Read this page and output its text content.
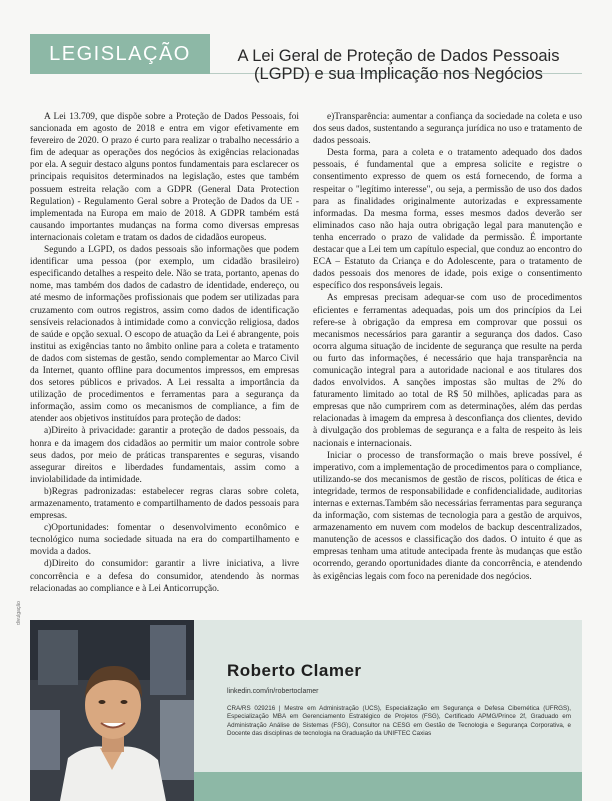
LEGISLAÇÃO	A Lei Geral de Proteção de Dados Pessoais
(LGPD) e sua Implicação nos Negócios

A Lei 13.709, que dispõe sobre a Proteção de Dados Pessoais, foi sancionada em agosto de 2018 e entra em vigor efetivamente em fevereiro de 2020. O prazo é curto para realizar o trabalho necessário a fim de adequar as operações dos negócios às exigências relacionadas por ela. A seguir destaco alguns pontos fundamentais para esclarecer os principais requisitos determinados na legislação, estes que também possuem estreita relação com a GDPR (General Data Protection Regulation) - Regulamento Geral sobre a Proteção de Dados da UE - implementada na Europa em maio de 2018. A GDPR também está causando importantes mudanças na forma como diversas empresas internacionais coletam e tratam os dados de cidadãos europeus.

Segundo a LGPD, os dados pessoais são informações que podem identificar uma pessoa (por exemplo, um cidadão brasileiro) especificando detalhes a respeito dele. Não se trata, portanto, apenas do nome, mas também dos dados de cadastro de identidade, endereço, ou até mesmo de informações profissionais que podem ser utilizadas para cruzamento com outros registros, assim como dados de identificação sensíveis relacionados à intimidade como a convicção religiosa, dados de saúde e opção sexual. O escopo de atuação da Lei é abrangente, pois institui as exigências tanto no âmbito online para a coleta e tratamento de dados com sistemas de gestão, sendo complementar ao Marco Civil da Internet, quanto offline para documentos impressos, em empresas dos setores públicos e privados. A Lei ressalta a importância da utilização de procedimentos e ferramentas para a segurança da informação, assim como os mecanismos de compliance, a fim de atender aos objetivos instituídos para proteção de dados:

a)Direito à privacidade: garantir a proteção de dados pessoais, da honra e da imagem dos cidadãos ao permitir um maior controle sobre seus dados, por meio de práticas transparentes e seguras, visando assegurar direitos e liberdades fundamentais, assim como a inviolabilidade da intimidade.

b)Regras padronizadas: estabelecer regras claras sobre coleta, armazenamento, tratamento e compartilhamento de dados pessoais para empresas.

c)Oportunidades: fomentar o desenvolvimento econômico e tecnológico numa sociedade situada na era do compartilhamento e movida a dados.

d)Direito do consumidor: garantir a livre iniciativa, a livre concorrência e a defesa do consumidor, atendendo às normas relacionadas ao compliance e à Lei Anticorrupção.

e)Transparência: aumentar a confiança da sociedade na coleta e uso dos seus dados, sustentando a segurança jurídica no uso e tratamento de dados pessoais.

Desta forma, para a coleta e o tratamento adequado dos dados pessoais, é fundamental que a empresa solicite e registre o consentimento expresso de quem os está fornecendo, de forma a respeitar o "legítimo interesse", ou seja, a permissão de uso dos dados para as finalidades originalmente autorizadas e expressamente informadas. Da mesma forma, esses mesmos dados deverão ser eliminados caso não haja outra obrigação legal para manutenção e tenha encerrado o prazo de validade da permissão. É importante destacar que a Lei tem um capítulo especial, que conduz ao encontro do ECA – Estatuto da Criança e do Adolescente, para o tratamento de dados pessoais dos menores de idade, pois exige o consentimento específico dos responsáveis legais.

As empresas precisam adequar-se com uso de procedimentos eficientes e ferramentas adequadas, pois um dos princípios da Lei refere-se à obrigação da empresa em comprovar que possui os mecanismos necessários para garantir a segurança dos dados. Caso ocorra alguma situação de incidente de segurança que resulte na perda ou furto das informações, é necessário que haja transparência na comunicação integral para a autoridade nacional e aos titulares dos dados envolvidos. A sanções impostas são multas de 2% do faturamento limitado ao total de R$ 50 milhões, aplicadas para as empresas que não cumprirem com as determinações, além das perdas relacionadas à imagem da empresa à desconfiança dos clientes, devido à divulgação dos problemas de segurança e a falta de respeito às leis nacionais e internacionais.

Iniciar o processo de transformação o mais breve possível, é imperativo, com a implementação de procedimentos para o compliance, utilizando-se dos mecanismos de gestão de riscos, políticas de ética e integridade, termos de responsabilidade e confidencialidade, auditorias internas e externas.Também são necessárias ferramentas para segurança da informação, com sistemas de tecnologia para a gestão de arquivos, armazenamento em nuvem com modelos de backup descentralizados, manutenção de acessos e classificação dos dados. O intuito é que as empresas tenham uma atitude antecipada frente às mudanças que estão ocorrendo, gerando oportunidades diante da concorrência, e atendendo às exigências legais com foco na perenidade dos negócios.

divulgação
Roberto Clamer
linkedin.com/in/robertoclamer
CRA/RS 029216 | Mestre em Administração (UCS), Especialização em Segurança e Defesa Cibernética (UFRGS), Especialização MBA em Gerenciamento Estratégico de Projetos (FSG), Certificado APMG/Prince 2f, Graduado em Administração Análise de Sistemas (FSG), Consultor na CESG em Gestão de Tecnologia e Segurança Corporativa, e Docente das disciplinas de tecnologia na Graduação da UNIFTEC Caxias
